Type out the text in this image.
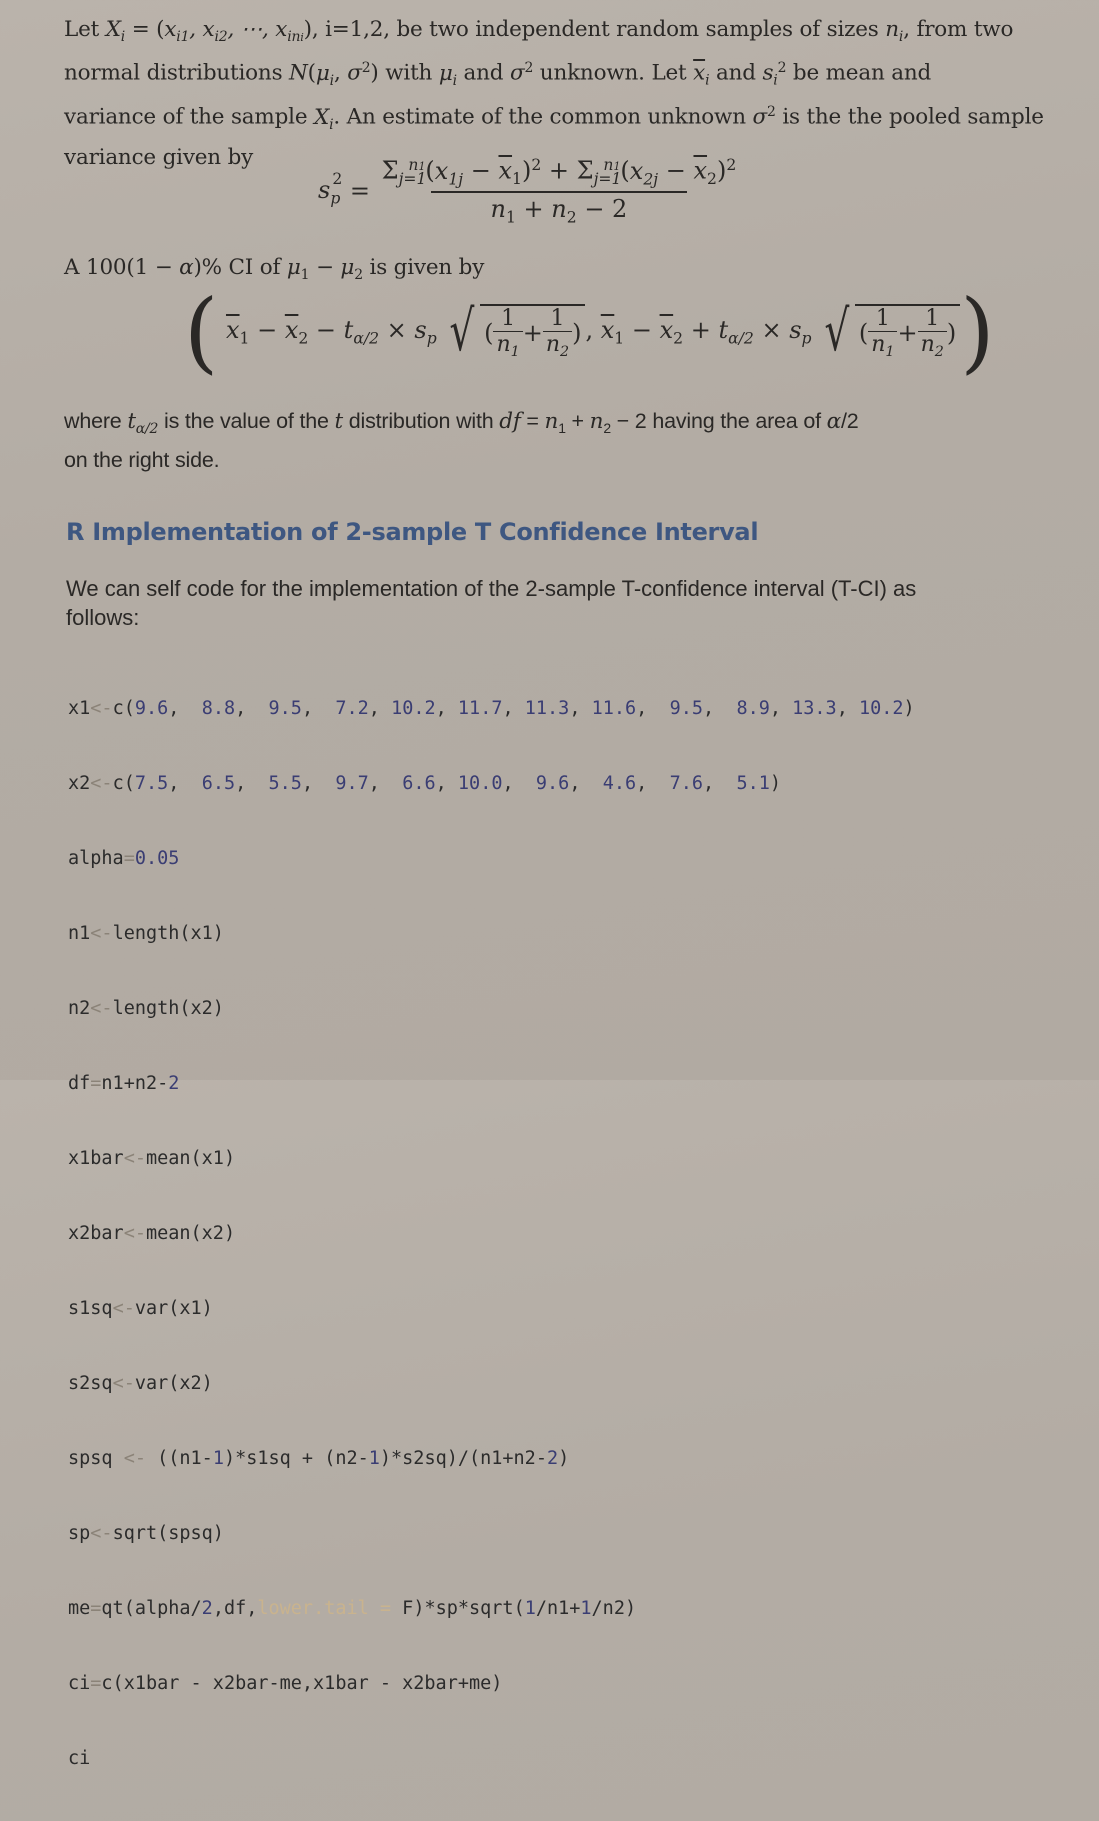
Let $X_i = (x_{i1}$, $x_{i2}$, ⋯, $x_{ini}$), i=1,2, be two independent random samples of sizes $n_i$, from two
normal distributions $N(\mu_i$, $\sigma^2$) with $\mu_i$ and $\sigma^2$ unknown. Let $\overline{x}_i$ and $s_i^2$ be mean and
variance of the sample $X_i$. An estimate of the common unknown $\sigma^2$ is the the pooled sample
variance given by
$s_p^2 = \frac{\Sigma_{j=1}^{n1}(x_{1j} - \overline{x}_1)^2 + \Sigma_{j=1}^{n1}(x_{2j} - \overline{x}_2)^2}{n_1 + n_2 - 2}$
A 100(1 − α)% CI of $\mu_1 - \mu_2$ is given by
( $\overline{x}_1 - \overline{x}_2 - t_{\alpha/2} \times s_p$ √ ( $\frac{1}{n_1} + \frac{1}{n_2}$ ) , $\overline{x}_1 - \overline{x}_2 + t_{\alpha/2} \times s_p$ √ ( $\frac{1}{n_1} + \frac{1}{n_2}$ ) )
where $t_{\alpha/2}$ is the value of the t distribution with df = $n_1 + n_2 - 2$ having the area of α/2
on the right side.
R Implementation of 2-sample T Confidence Interval
We can self code for the implementation of the 2-sample T-confidence interval (T-CI) as
follows:

x1<-c(9.6,  8.8,  9.5,  7.2, 10.2, 11.7, 11.3, 11.6,  9.5,  8.9, 13.3, 10.2)

x2<-c(7.5,  6.5,  5.5,  9.7,  6.6, 10.0,  9.6,  4.6,  7.6,  5.1)

alpha=0.05

n1<-length(x1)

n2<-length(x2)

df=n1+n2-2

x1bar<-mean(x1)

x2bar<-mean(x2)

s1sq<-var(x1)

s2sq<-var(x2)

spsq <- ((n1-1)*s1sq + (n2-1)*s2sq)/(n1+n2-2)

sp<-sqrt(spsq)

me=qt(alpha/2,df,lower.tail = F)*sp*sqrt(1/n1+1/n2)

ci=c(x1bar - x2bar-me,x1bar - x2bar+me)

ci
